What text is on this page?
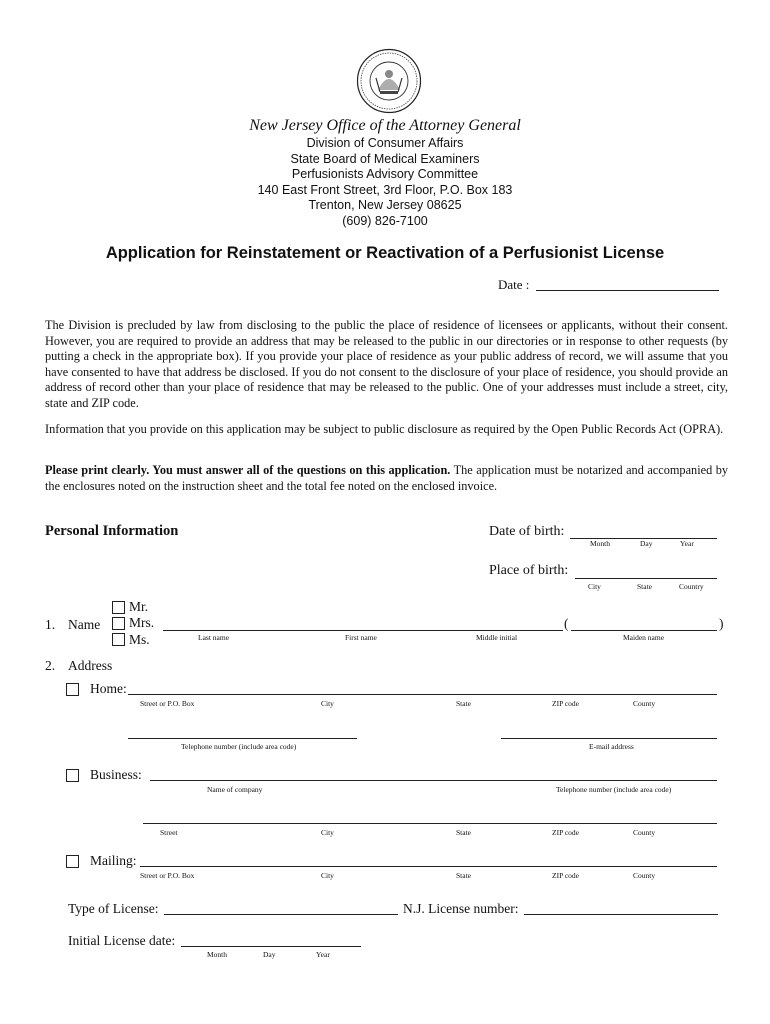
New Jersey Office of the Attorney General
Division of Consumer Affairs
State Board of Medical Examiners
Perfusionists Advisory Committee
140 East Front Street, 3rd Floor, P.O. Box 183
Trenton, New Jersey 08625
(609) 826-7100
Application for Reinstatement or Reactivation of a Perfusionist License
Date :
The Division is precluded by law from disclosing to the public the place of residence of licensees or applicants, without their consent. However, you are required to provide an address that may be released to the public in our directories or in response to other requests (by putting a check in the appropriate box). If you provide your place of residence as your public address of record, we will assume that you have consented to have that address be disclosed. If you do not consent to the disclosure of your place of residence, you should provide an address of record other than your place of residence that may be released to the public. One of your addresses must include a street, city, state and ZIP code.
Information that you provide on this application may be subject to public disclosure as required by the Open Public Records Act (OPRA).
Please print clearly. You must answer all of the questions on this application. The application must be notarized and accompanied by the enclosures noted on the instruction sheet and the total fee noted on the enclosed invoice.
Personal Information	Date of birth:
Month	Day	Year
Place of birth:
City	State	Country
Mr.
Mrs.
Ms.
1. Name	(	)
Last name	First name	Middle initial	Maiden name
2. Address
Home:
Street or P.O. Box	City	State	ZIP code	County
Telephone number (include area code)	E-mail address
Business:
Name of company	Telephone number (include area code)
Street	City	State	ZIP code	County
Mailing:
Street or P.O. Box	City	State	ZIP code	County
Type of License:	N.J. License number:
Initial License date:
Month	Day	Year
